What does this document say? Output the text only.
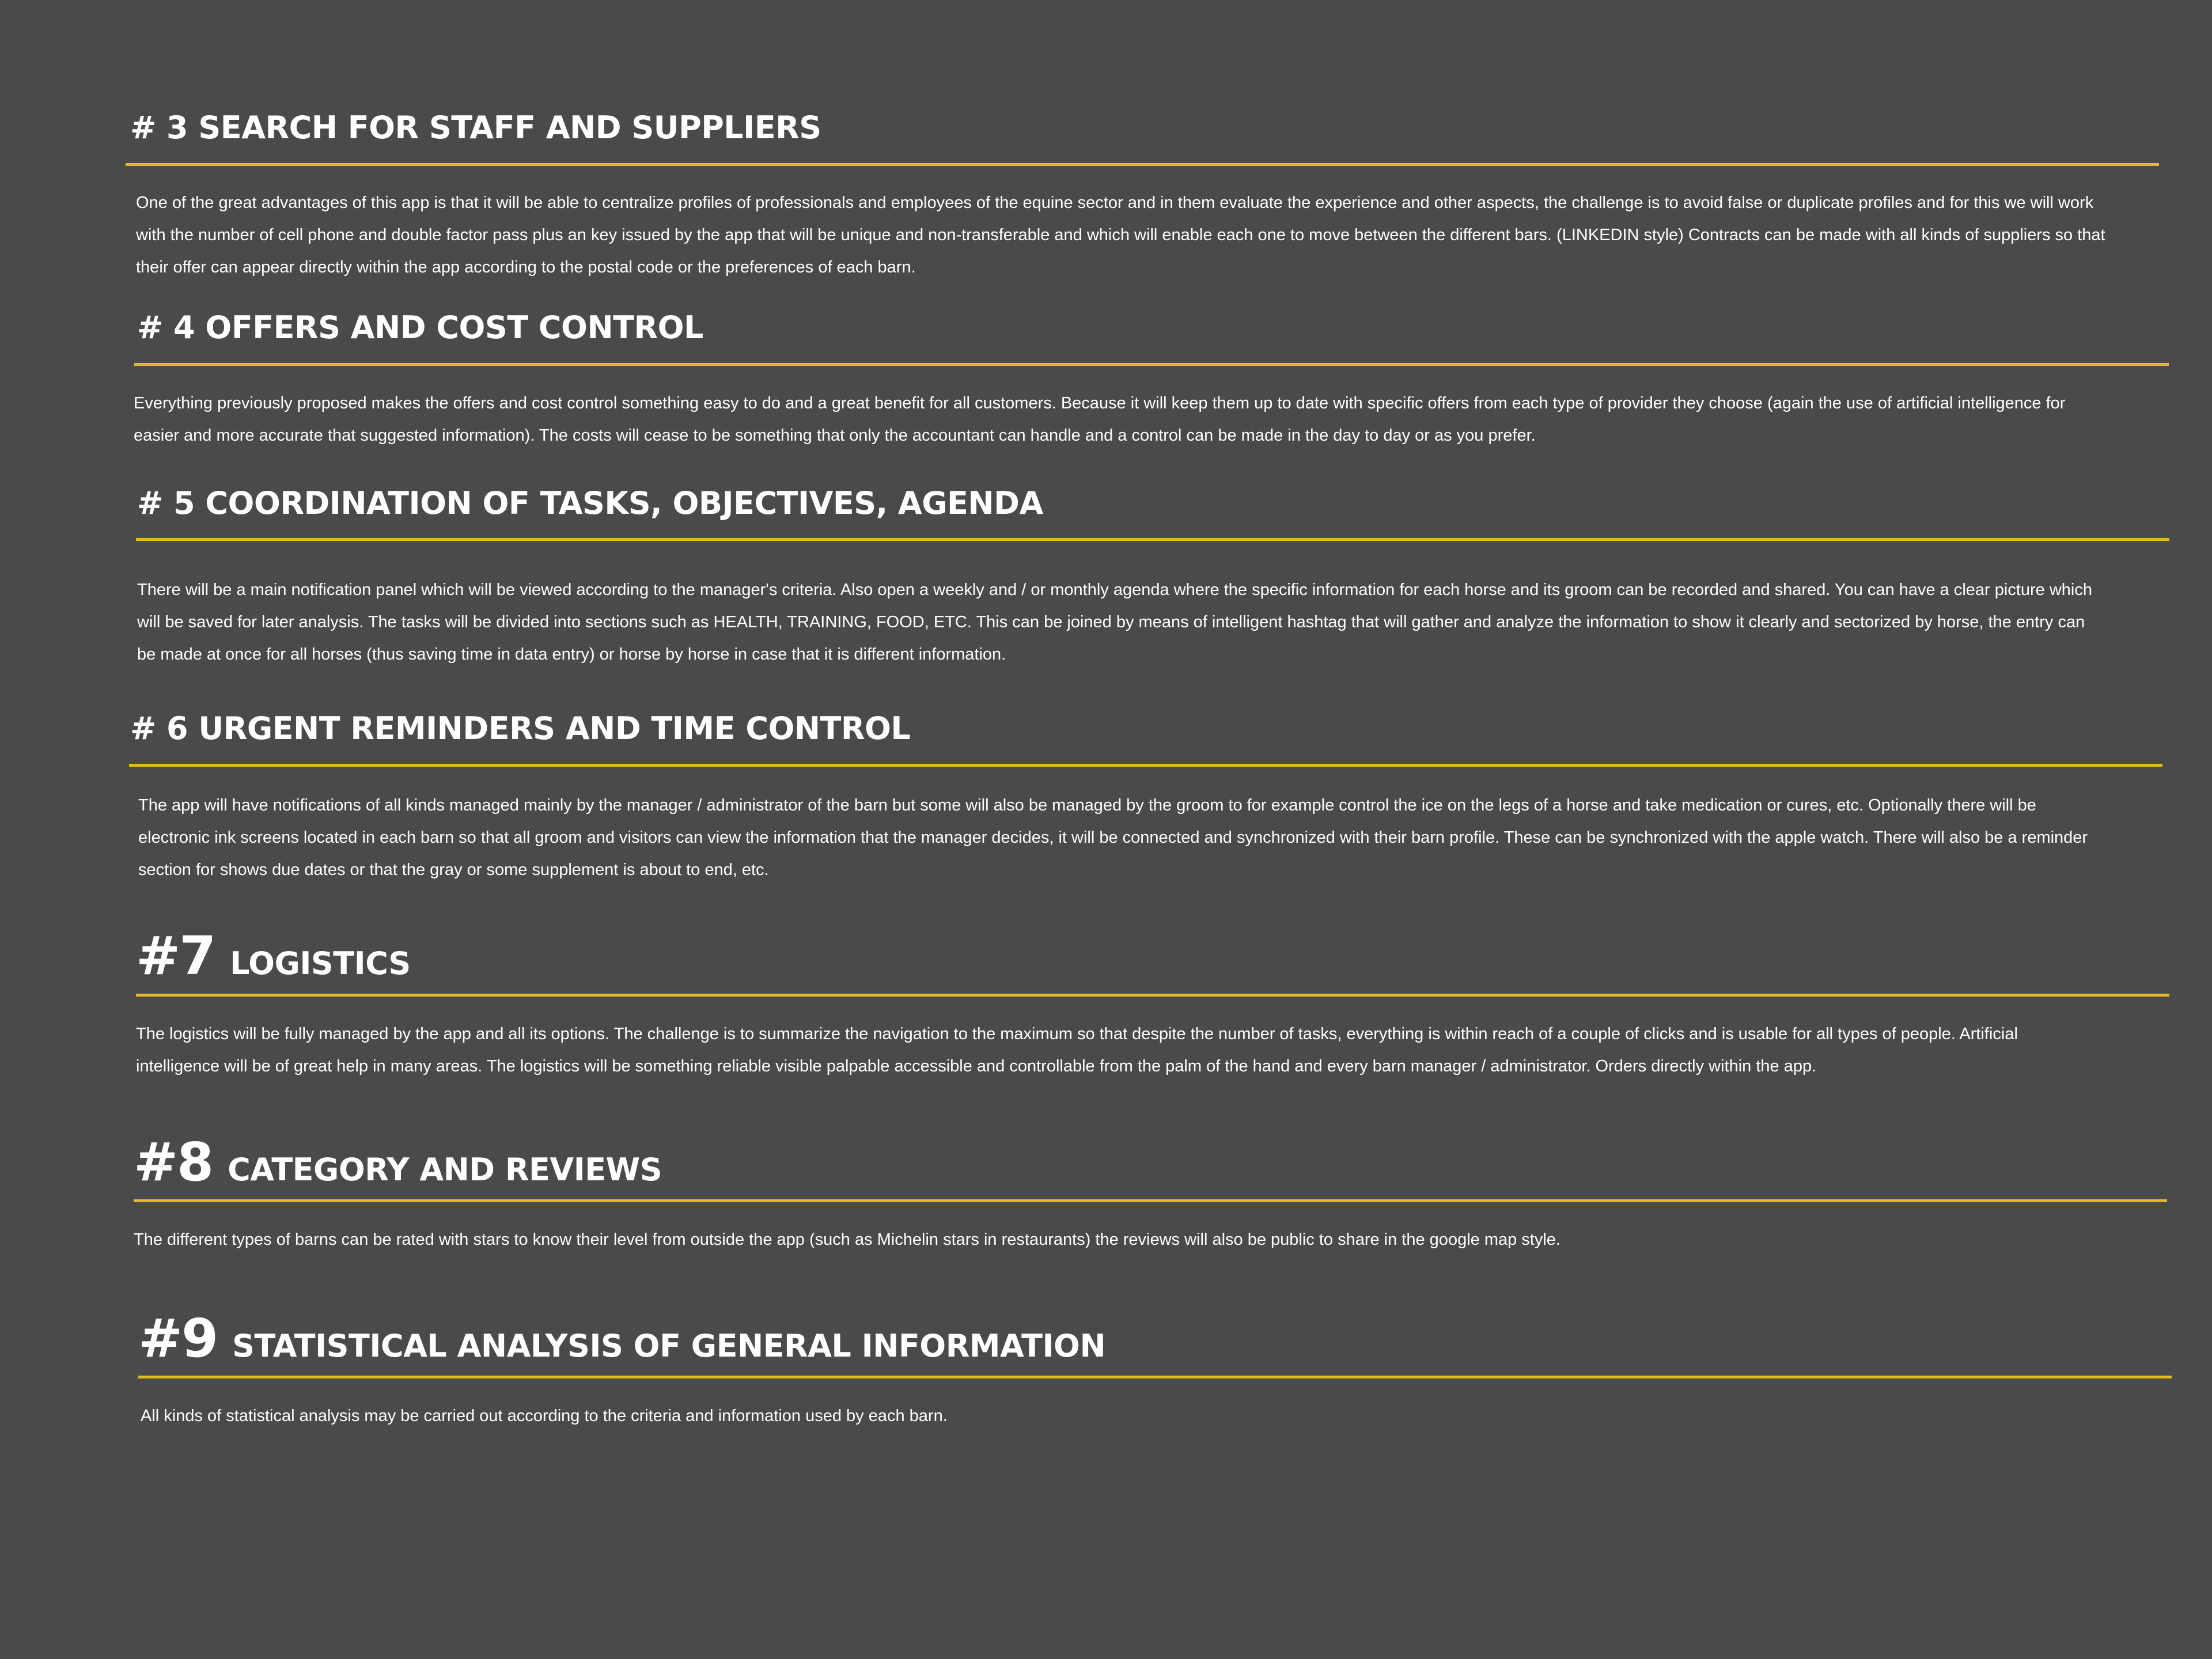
# 3 SEARCH FOR STAFF AND SUPPLIERS
One of the great advantages of this app is that it will be able to centralize profiles of professionals and employees of the equine sector and in them evaluate the experience and other aspects, the challenge is to avoid false or duplicate profiles and for this we will work with the number of cell phone and double factor pass plus an key issued by the app that will be unique and non-transferable and which will enable each one to move between the different bars. (LINKEDIN style) Contracts can be made with all kinds of suppliers so that their offer can appear directly within the app according to the postal code or the preferences of each barn.
# 4 OFFERS AND COST CONTROL
Everything previously proposed makes the offers and cost control something easy to do and a great benefit for all customers. Because it will keep them up to date with specific offers from each type of provider they choose (again the use of artificial intelligence for easier and more accurate that suggested information). The costs will cease to be something that only the accountant can handle and a control can be made in the day to day or as you prefer.
# 5 COORDINATION OF TASKS, OBJECTIVES, AGENDA
There will be a main notification panel which will be viewed according to the manager's criteria. Also open a weekly and / or monthly agenda where the specific information for each horse and its groom can be recorded and shared. You can have a clear picture which will be saved for later analysis. The tasks will be divided into sections such as HEALTH, TRAINING, FOOD, ETC. This can be joined by means of intelligent hashtag that will gather and analyze the information to show it clearly and sectorized by horse, the entry can be made at once for all horses (thus saving time in data entry) or horse by horse in case that it is different information.
# 6 URGENT REMINDERS AND TIME CONTROL
The app will have notifications of all kinds managed mainly by the manager / administrator of the barn but some will also be managed by the groom to for example control the ice on the legs of a horse and take medication or cures, etc. Optionally there will be electronic ink screens located in each barn so that all groom and visitors can view the information that the manager decides, it will be connected and synchronized with their barn profile. These can be synchronized with the apple watch. There will also be a reminder section for shows due dates or that the gray or some supplement is about to end, etc.
#7 LOGISTICS
The logistics will be fully managed by the app and all its options. The challenge is to summarize the navigation to the maximum so that despite the number of tasks, everything is within reach of a couple of clicks and is usable for all types of people. Artificial intelligence will be of great help in many areas. The logistics will be something reliable visible palpable accessible and controllable from the palm of the hand and every barn manager / administrator. Orders directly within the app.
#8 CATEGORY AND REVIEWS
The different types of barns can be rated with stars to know their level from outside the app (such as Michelin stars in restaurants) the reviews will also be public to share in the google map style.
#9 STATISTICAL ANALYSIS OF GENERAL INFORMATION
All kinds of statistical analysis may be carried out according to the criteria and information used by each barn.
